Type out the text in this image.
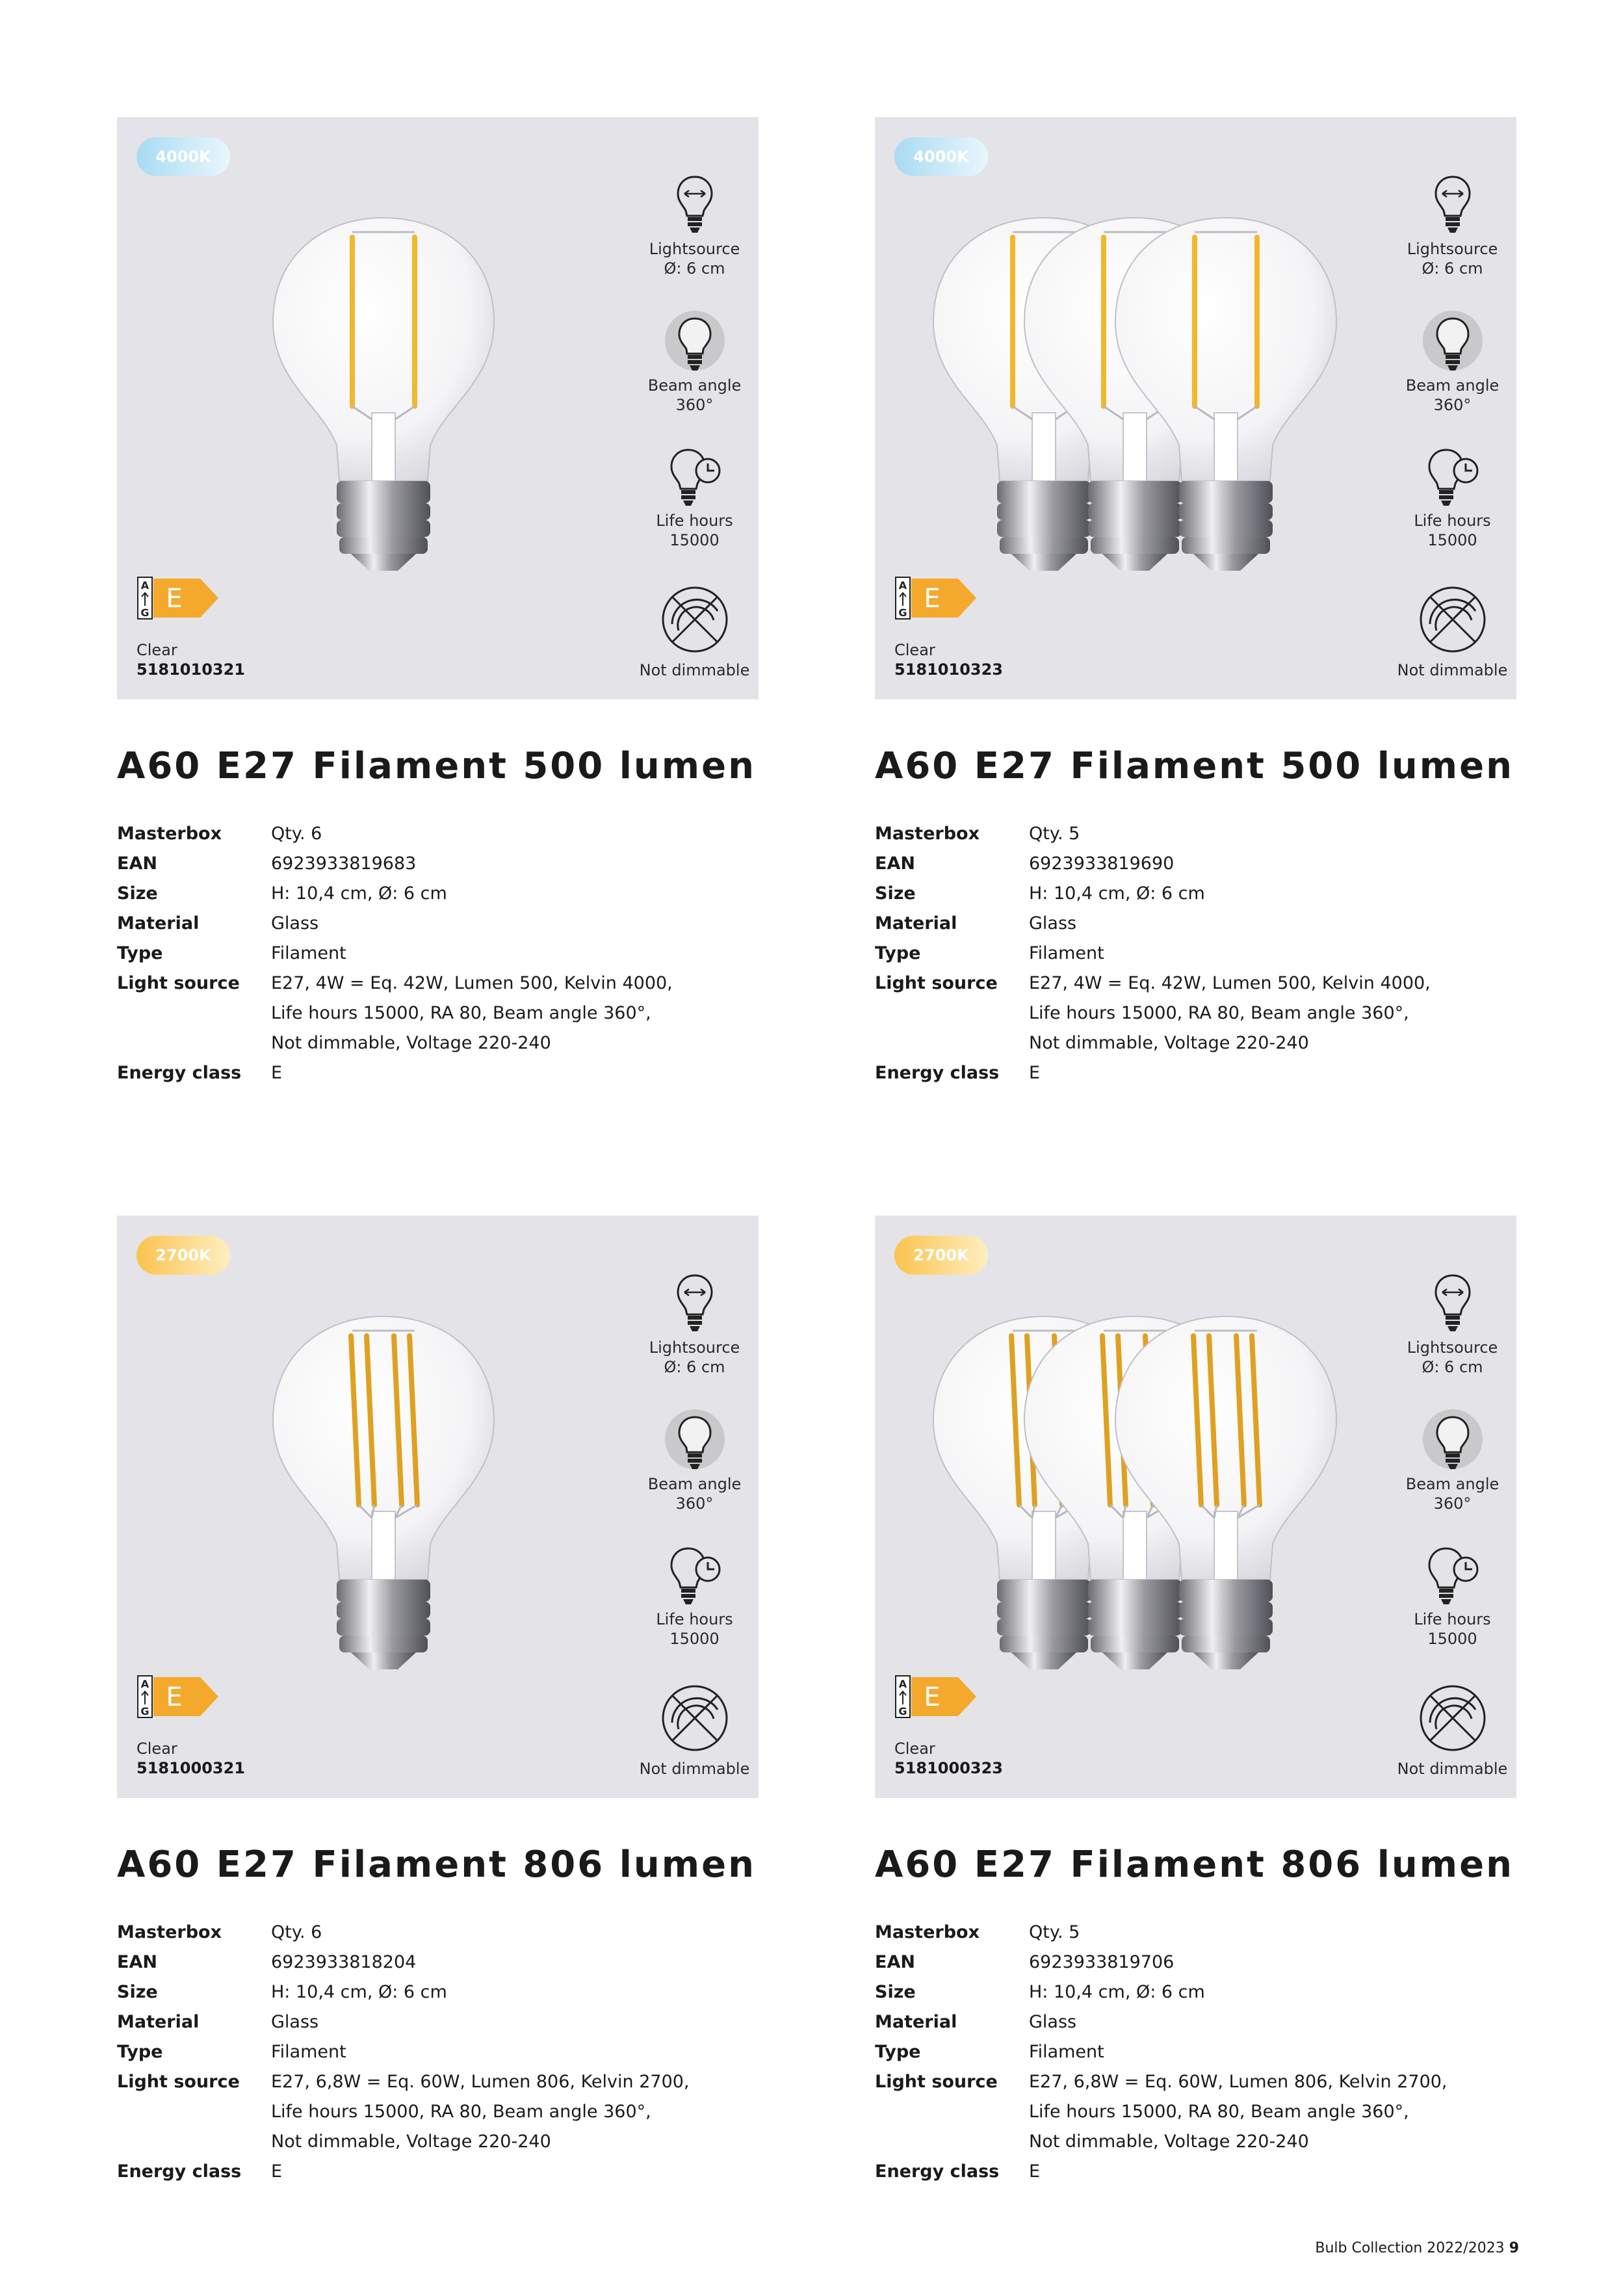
4000K
Lightsource
Ø: 6 cm
Beam angle
360°
Life hours
15000
Not dimmable
A
G E
Clear
5181010321
A60 E27 Filament 500 lumen
Masterbox	Qty. 6
EAN	6923933819683
Size	H: 10,4 cm, Ø: 6 cm
Material	Glass
Type	Filament
Light source E27, 4W = Eq. 42W, Lumen 500, Kelvin 4000,
Life hours 15000, RA 80, Beam angle 360°,
Not dimmable, Voltage 220-240
Energy class E
4000K
Lightsource
Ø: 6 cm
Beam angle
360°
Life hours
15000
Not dimmable
A
G E
Clear
5181010323
A60 E27 Filament 500 lumen
Masterbox	Qty. 5
EAN	6923933819690
Size	H: 10,4 cm, Ø: 6 cm
Material	Glass
Type	Filament
Light source E27, 4W = Eq. 42W, Lumen 500, Kelvin 4000,
Life hours 15000, RA 80, Beam angle 360°,
Not dimmable, Voltage 220-240
Energy class E
2700K
Lightsource
Ø: 6 cm
Beam angle
360°
Life hours
15000
Not dimmable
A
G E
Clear
5181000321
A60 E27 Filament 806 lumen
Masterbox	Qty. 6
EAN	6923933818204
Size	H: 10,4 cm, Ø: 6 cm
Material	Glass
Type	Filament
Light source E27, 6,8W = Eq. 60W, Lumen 806, Kelvin 2700,
Life hours 15000, RA 80, Beam angle 360°,
Not dimmable, Voltage 220-240
Energy class E
2700K
Lightsource
Ø: 6 cm
Beam angle
360°
Life hours
15000
Not dimmable
A
G E
Clear
5181000323
A60 E27 Filament 806 lumen
Masterbox	Qty. 5
EAN	6923933819706
Size	H: 10,4 cm, Ø: 6 cm
Material	Glass
Type	Filament
Light source E27, 6,8W = Eq. 60W, Lumen 806, Kelvin 2700,
Life hours 15000, RA 80, Beam angle 360°,
Not dimmable, Voltage 220-240
Energy class E
Bulb Collection 2022/2023 9
